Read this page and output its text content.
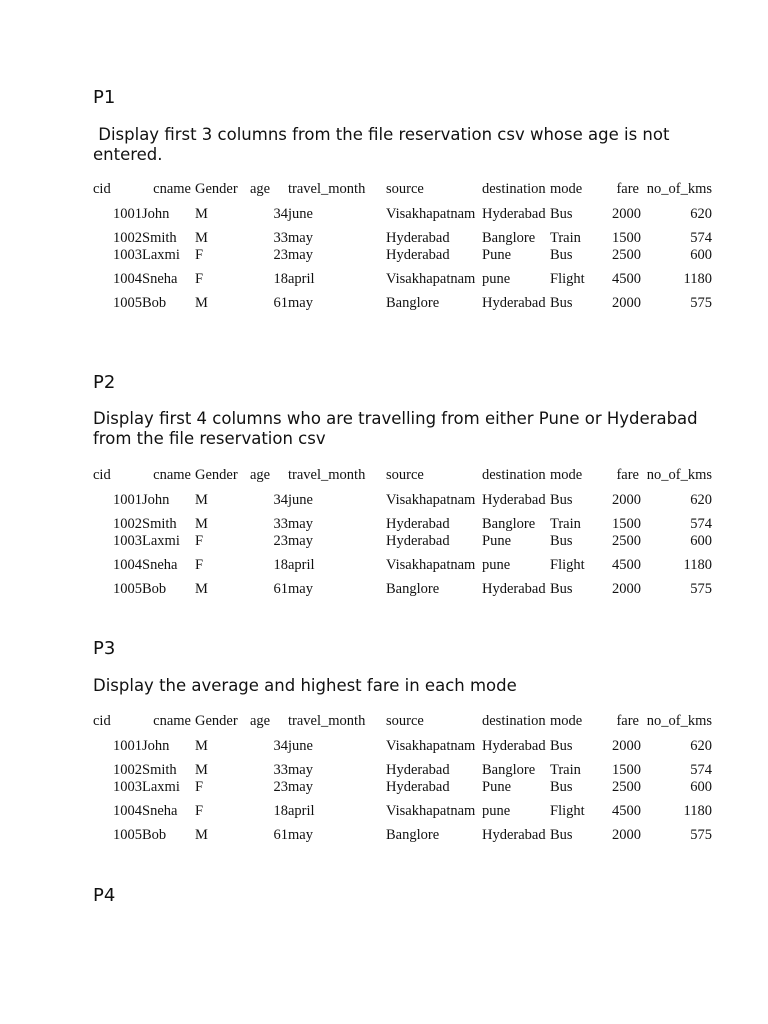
P1

Display first 3 columns from the file reservation csv whose age is not entered.

P2

Display first 4 columns who are travelling from either Pune or Hyderabad from the file reservation csv

P3

Display the average and highest fare in each mode

P4
cid	cname	Gender	age	travel_month	source	destination	mode	fare	no_of_kms
1001	John	M	34	june	Visakhapatnam	Hyderabad	Bus	2000	620
1002	Smith	M	33	may	Hyderabad	Banglore	Train	1500	574
1003	Laxmi	F	23	may	Hyderabad	Pune	Bus	2500	600
1004	Sneha	F	18	april	Visakhapatnam	pune	Flight	4500	1180
1005	Bob	M	61	may	Banglore	Hyderabad	Bus	2000	575
cid	cname	Gender	age	travel_month	source	destination	mode	fare	no_of_kms
1001	John	M	34	june	Visakhapatnam	Hyderabad	Bus	2000	620
1002	Smith	M	33	may	Hyderabad	Banglore	Train	1500	574
1003	Laxmi	F	23	may	Hyderabad	Pune	Bus	2500	600
1004	Sneha	F	18	april	Visakhapatnam	pune	Flight	4500	1180
1005	Bob	M	61	may	Banglore	Hyderabad	Bus	2000	575
cid	cname	Gender	age	travel_month	source	destination	mode	fare	no_of_kms
1001	John	M	34	june	Visakhapatnam	Hyderabad	Bus	2000	620
1002	Smith	M	33	may	Hyderabad	Banglore	Train	1500	574
1003	Laxmi	F	23	may	Hyderabad	Pune	Bus	2500	600
1004	Sneha	F	18	april	Visakhapatnam	pune	Flight	4500	1180
1005	Bob	M	61	may	Banglore	Hyderabad	Bus	2000	575
